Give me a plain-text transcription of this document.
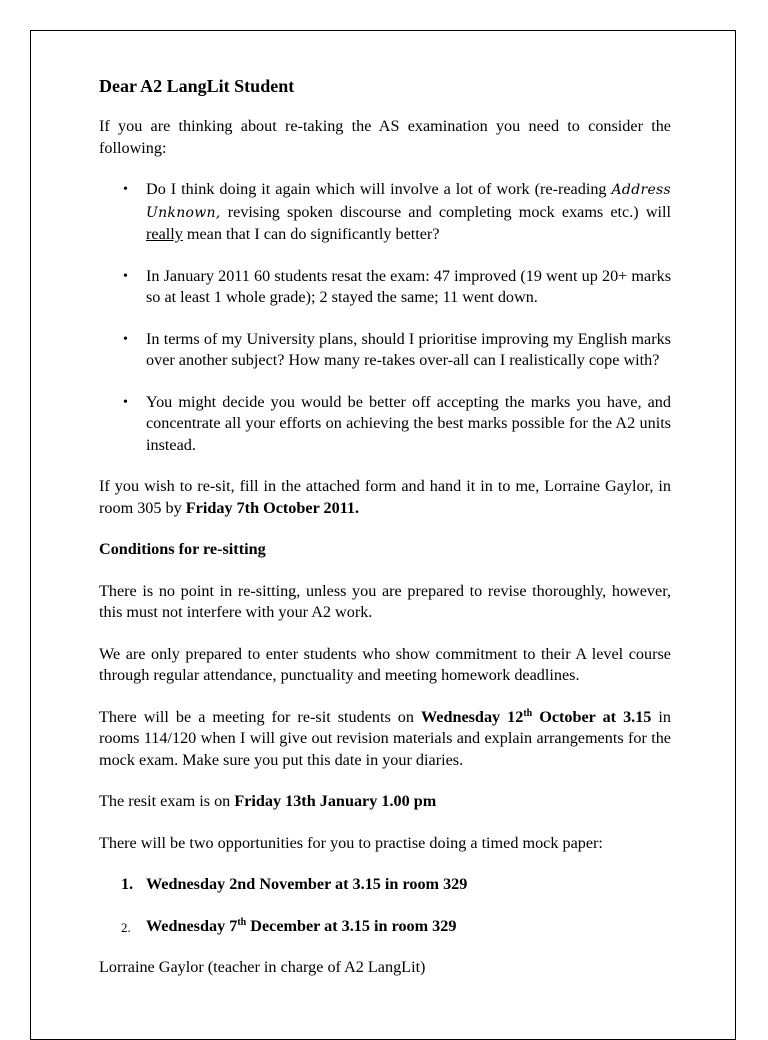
Dear A2 LangLit Student

If you are thinking about re-taking the AS examination you need to consider the following:

• Do I think doing it again which will involve a lot of work (re-reading Address Unknown, revising spoken discourse and completing mock exams etc.) will really mean that I can do significantly better?
• In January 2011 60 students resat the exam: 47 improved (19 went up 20+ marks so at least 1 whole grade); 2 stayed the same; 11 went down.
• In terms of my University plans, should I prioritise improving my English marks over another subject? How many re-takes over-all can I realistically cope with?
• You might decide you would be better off accepting the marks you have, and concentrate all your efforts on achieving the best marks possible for the A2 units instead.

If you wish to re-sit, fill in the attached form and hand it in to me, Lorraine Gaylor, in room 305 by Friday 7th October 2011.

Conditions for re-sitting

There is no point in re-sitting, unless you are prepared to revise thoroughly, however, this must not interfere with your A2 work.

We are only prepared to enter students who show commitment to their A level course through regular attendance, punctuality and meeting homework deadlines.

There will be a meeting for re-sit students on Wednesday 12th October at 3.15 in rooms 114/120 when I will give out revision materials and explain arrangements for the mock exam. Make sure you put this date in your diaries.

The resit exam is on Friday 13th January 1.00 pm

There will be two opportunities for you to practise doing a timed mock paper:

1. Wednesday 2nd November at 3.15 in room 329
2. Wednesday 7th December at 3.15 in room 329

Lorraine Gaylor (teacher in charge of A2 LangLit)
